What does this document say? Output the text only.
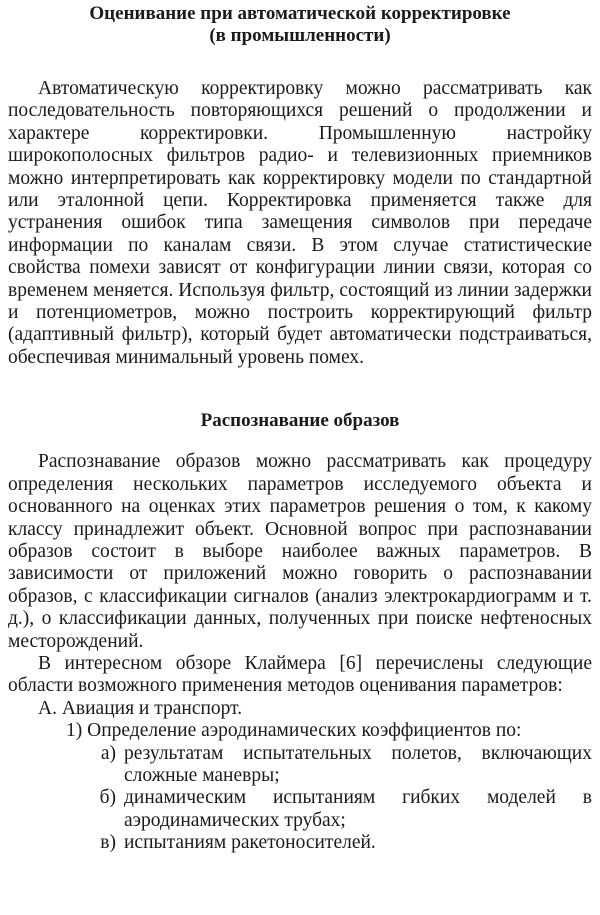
Оценивание при автоматической корректировке
(в промышленности)

Автоматическую корректировку можно рассматривать как последовательность повторяющихся решений о продолжении и характере корректировки. Промышленную настройку широкополосных фильтров радио- и телевизионных приемников можно интерпретировать как корректировку модели по стандартной или эталонной цепи. Корректировка применяется также для устранения ошибок типа замещения символов при передаче информации по каналам связи. В этом случае статистические свойства помехи зависят от конфигурации линии связи, которая со временем меняется. Используя фильтр, состоящий из линии задержки и потенциометров, можно построить корректирующий фильтр (адаптивный фильтр), который будет автоматически подстраиваться, обеспечивая минимальный уровень помех.

Распознавание образов

Распознавание образов можно рассматривать как процедуру определения нескольких параметров исследуемого объекта и основанного на оценках этих параметров решения о том, к какому классу принадлежит объект. Основной вопрос при распознавании образов состоит в выборе наиболее важных параметров. В зависимости от приложений можно говорить о распознавании образов, с классификации сигналов (анализ электрокардиограмм и т. д.), о классификации данных, полученных при поиске нефтеносных месторождений.

В интересном обзоре Клаймера [6] перечислены следующие области возможного применения методов оценивания параметров:

А. Авиация и транспорт.
1) Определение аэродинамических коэффициентов по:
а) результатам испытательных полетов, включающих сложные маневры;
б) динамическим испытаниям гибких моделей в аэродинамических трубах;
в) испытаниям ракетоносителей.
